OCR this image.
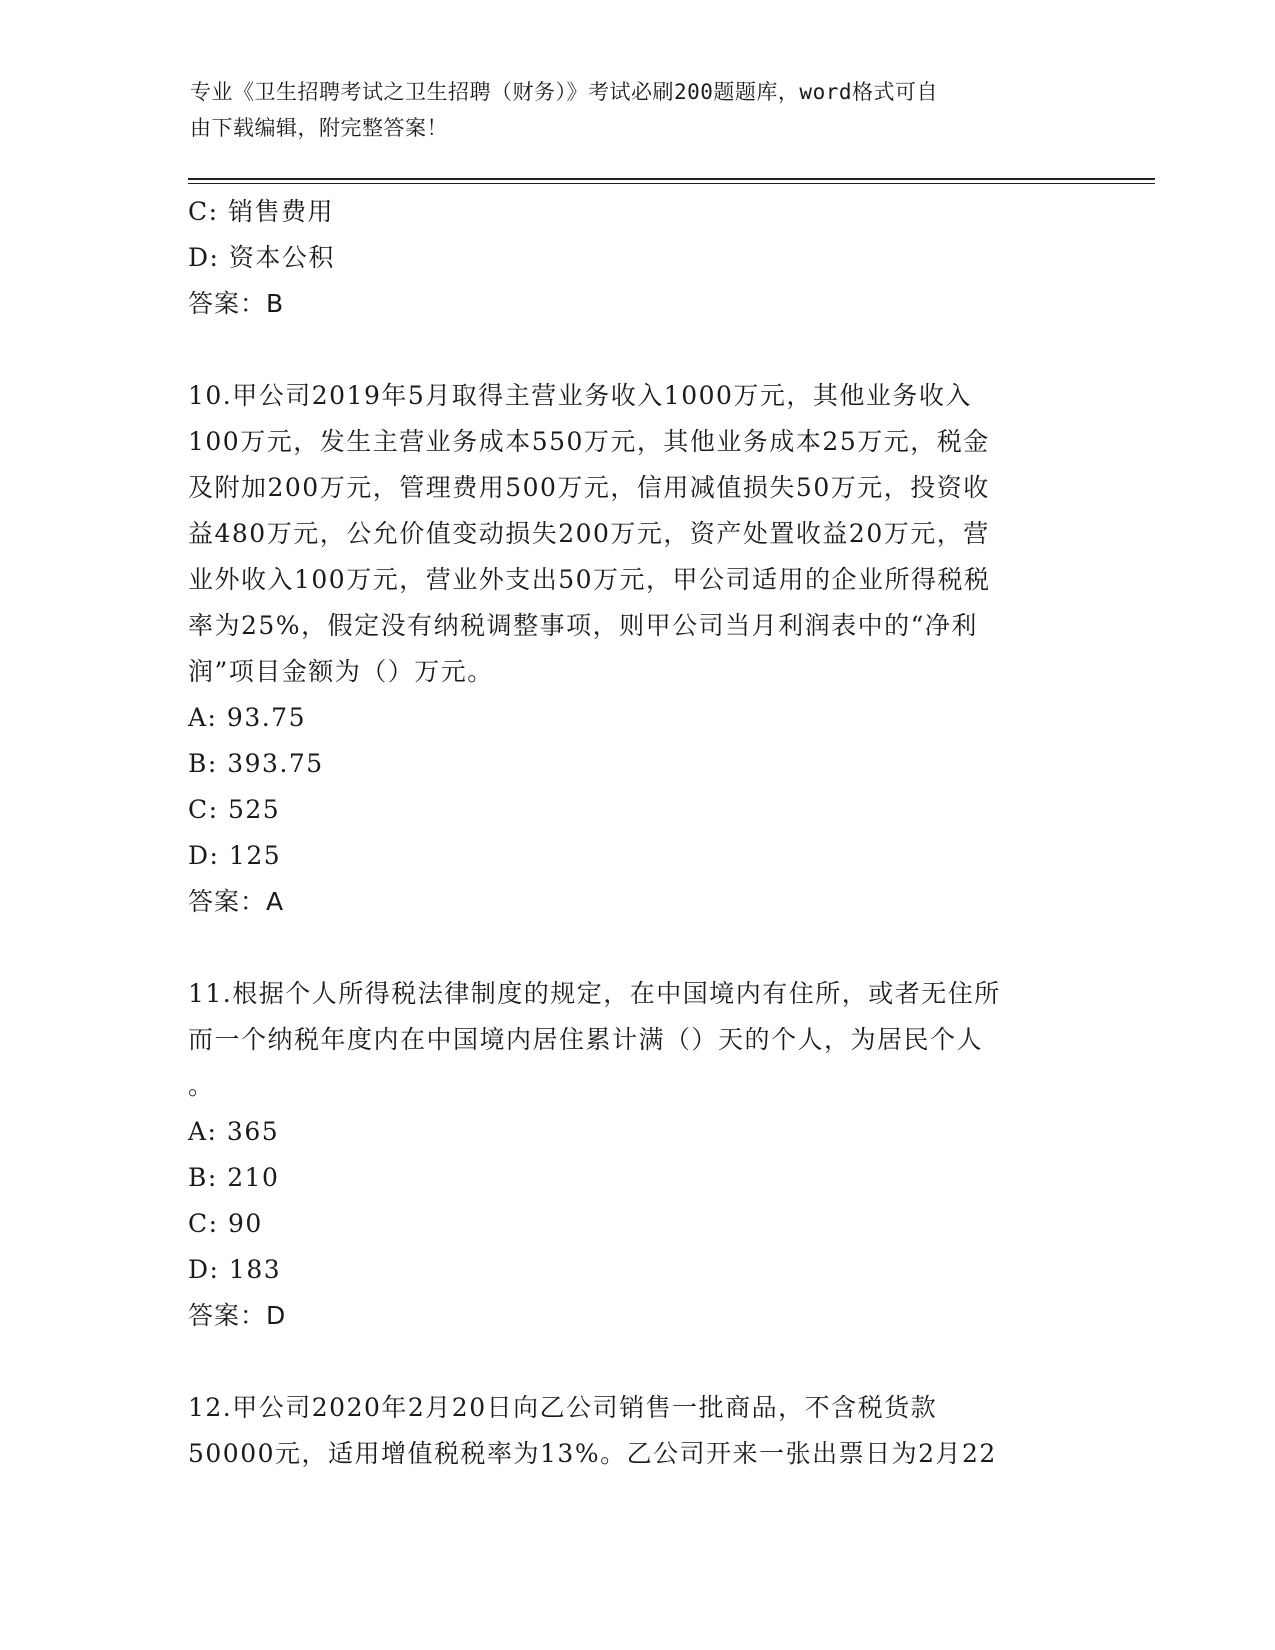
专业《卫生招聘考试之卫生招聘（财务）》考试必刷200题题库，word格式可自
由下载编辑，附完整答案！
C: 销售费用
D: 资本公积
答案：B
10.甲公司2019年5月取得主营业务收入1000万元，其他业务收入
100万元，发生主营业务成本550万元，其他业务成本25万元，税金
及附加200万元，管理费用500万元，信用减值损失50万元，投资收
益480万元，公允价值变动损失200万元，资产处置收益20万元，营
业外收入100万元，营业外支出50万元，甲公司适用的企业所得税税
率为25%，假定没有纳税调整事项，则甲公司当月利润表中的“净利
润”项目金额为（）万元。
A: 93.75
B: 393.75
C: 525
D: 125
答案：A
11.根据个人所得税法律制度的规定，在中国境内有住所，或者无住所
而一个纳税年度内在中国境内居住累计满（）天的个人，为居民个人
。
A: 365
B: 210
C: 90
D: 183
答案：D
12.甲公司2020年2月20日向乙公司销售一批商品，不含税货款
50000元，适用增值税税率为13%。乙公司开来一张出票日为2月22
